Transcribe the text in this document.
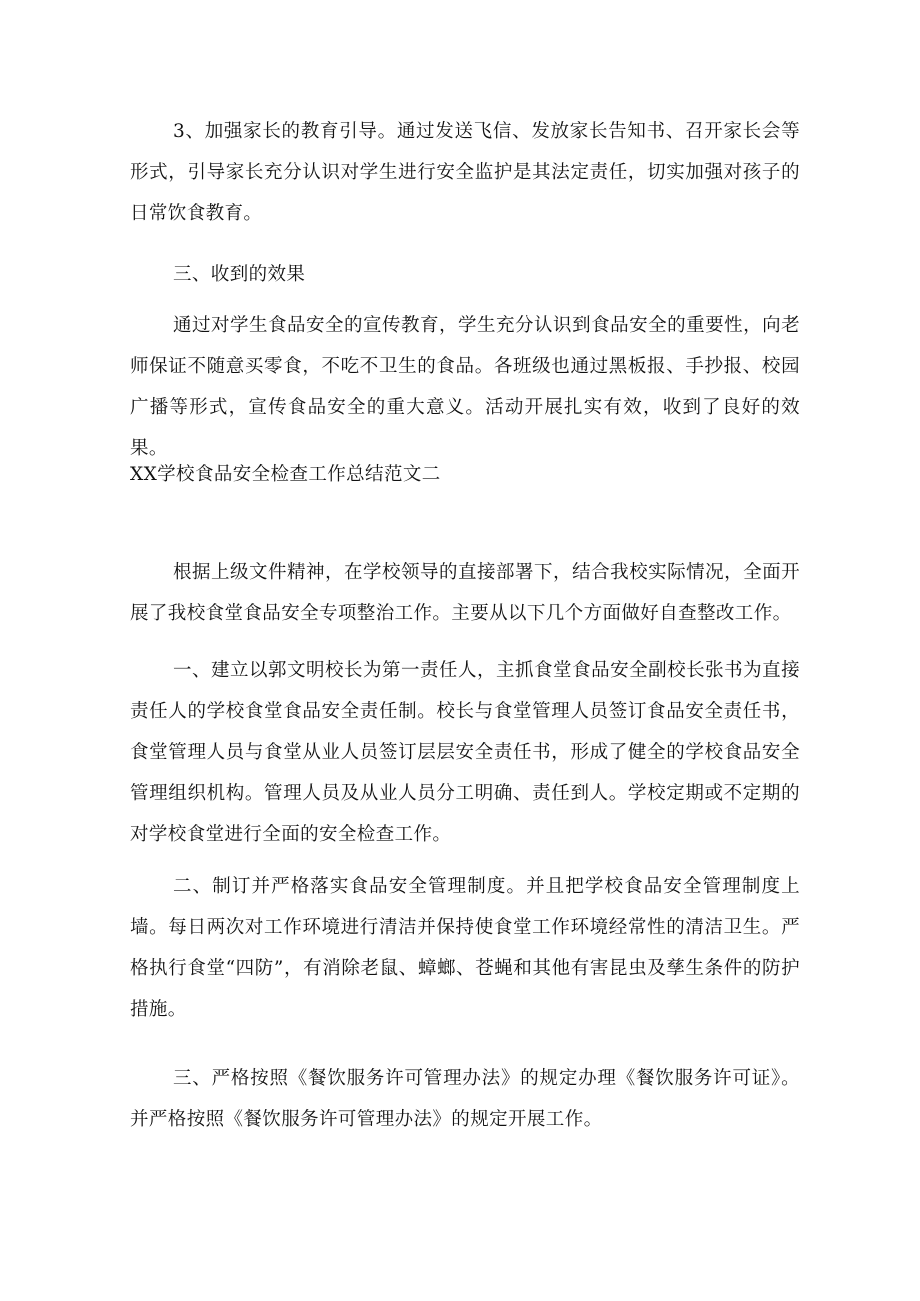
3、加强家长的教育引导。通过发送飞信、发放家长告知书、召开家长会等形式，引导家长充分认识对学生进行安全监护是其法定责任，切实加强对孩子的日常饮食教育。

三、收到的效果

通过对学生食品安全的宣传教育，学生充分认识到食品安全的重要性，向老师保证不随意买零食，不吃不卫生的食品。各班级也通过黑板报、手抄报、校园广播等形式，宣传食品安全的重大意义。活动开展扎实有效，收到了良好的效果。

XX学校食品安全检查工作总结范文二

根据上级文件精神，在学校领导的直接部署下，结合我校实际情况，全面开展了我校食堂食品安全专项整治工作。主要从以下几个方面做好自查整改工作。

一、建立以郭文明校长为第一责任人，主抓食堂食品安全副校长张书为直接责任人的学校食堂食品安全责任制。校长与食堂管理人员签订食品安全责任书，食堂管理人员与食堂从业人员签订层层安全责任书，形成了健全的学校食品安全管理组织机构。管理人员及从业人员分工明确、责任到人。学校定期或不定期的对学校食堂进行全面的安全检查工作。

二、制订并严格落实食品安全管理制度。并且把学校食品安全管理制度上墙。每日两次对工作环境进行清洁并保持使食堂工作环境经常性的清洁卫生。严格执行食堂“四防”，有消除老鼠、蟑螂、苍蝇和其他有害昆虫及孳生条件的防护措施。

三、严格按照《餐饮服务许可管理办法》的规定办理《餐饮服务许可证》。并严格按照《餐饮服务许可管理办法》的规定开展工作。
